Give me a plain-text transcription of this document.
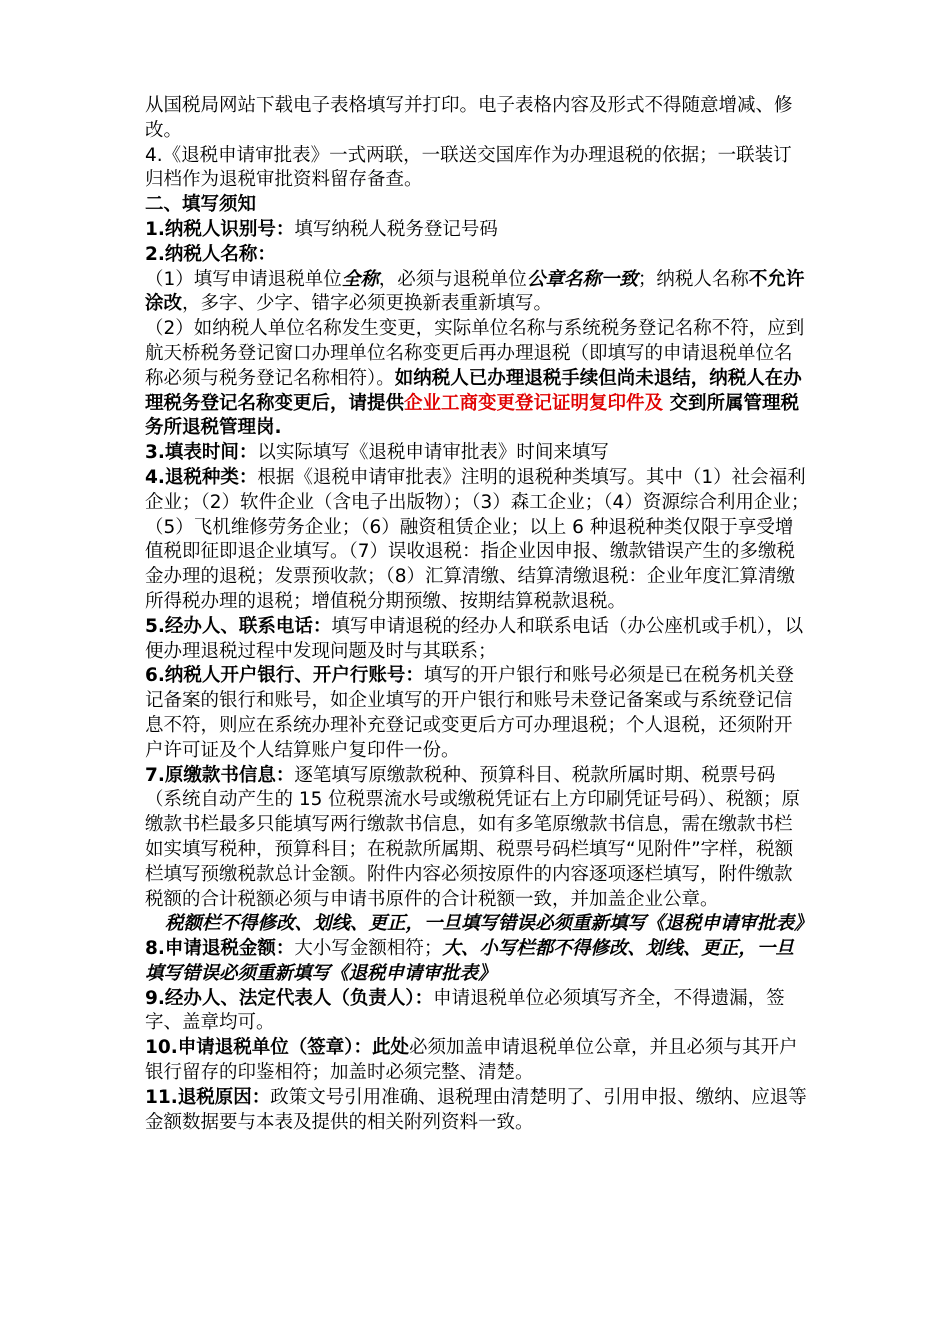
从国税局网站下载电子表格填写并打印。电子表格内容及形式不得随意增减、修改。

4.《退税申请审批表》一式两联，一联送交国库作为办理退税的依据；一联装订归档作为退税审批资料留存备查。

二、填写须知

1.纳税人识别号：填写纳税人税务登记号码

2.纳税人名称：

（1）填写申请退税单位全称，必须与退税单位公章名称一致；纳税人名称不允许涂改，多字、少字、错字必须更换新表重新填写。

（2）如纳税人单位名称发生变更，实际单位名称与系统税务登记名称不符，应到航天桥税务登记窗口办理单位名称变更后再办理退税（即填写的申请退税单位名称必须与税务登记名称相符）。如纳税人已办理退税手续但尚未退结，纳税人在办理税务登记名称变更后，请提供企业工商变更登记证明复印件及 交到所属管理税务所退税管理岗.

3.填表时间：以实际填写《退税申请审批表》时间来填写

4.退税种类：根据《退税申请审批表》注明的退税种类填写。其中（1）社会福利企业；（2）软件企业（含电子出版物）；（3）森工企业；（4）资源综合利用企业；（5）飞机维修劳务企业；（6）融资租赁企业；以上 6 种退税种类仅限于享受增值税即征即退企业填写。（7）误收退税：指企业因申报、缴款错误产生的多缴税金办理的退税；发票预收款；（8）汇算清缴、结算清缴退税：企业年度汇算清缴所得税办理的退税；增值税分期预缴、按期结算税款退税。

5.经办人、联系电话：填写申请退税的经办人和联系电话（办公座机或手机），以便办理退税过程中发现问题及时与其联系；

6.纳税人开户银行、开户行账号：填写的开户银行和账号必须是已在税务机关登记备案的银行和账号，如企业填写的开户银行和账号未登记备案或与系统登记信息不符，则应在系统办理补充登记或变更后方可办理退税；个人退税，还须附开户许可证及个人结算账户复印件一份。

7.原缴款书信息：逐笔填写原缴款税种、预算科目、税款所属时期、税票号码（系统自动产生的 15 位税票流水号或缴税凭证右上方印刷凭证号码）、税额；原缴款书栏最多只能填写两行缴款书信息，如有多笔原缴款书信息，需在缴款书栏如实填写税种，预算科目；在税款所属期、税票号码栏填写“见附件”字样，税额栏填写预缴税款总计金额。附件内容必须按原件的内容逐项逐栏填写，附件缴款税额的合计税额必须与申请书原件的合计税额一致，并加盖企业公章。

税额栏不得修改、划线、更正，一旦填写错误必须重新填写《退税申请审批表》

8.申请退税金额：大小写金额相符；大、小写栏都不得修改、划线、更正，一旦填写错误必须重新填写《退税申请审批表》

9.经办人、法定代表人（负责人）：申请退税单位必须填写齐全，不得遗漏，签字、盖章均可。

10.申请退税单位（签章）：此处必须加盖申请退税单位公章，并且必须与其开户银行留存的印鉴相符；加盖时必须完整、清楚。

11.退税原因：政策文号引用准确、退税理由清楚明了、引用申报、缴纳、应退等金额数据要与本表及提供的相关附列资料一致。
